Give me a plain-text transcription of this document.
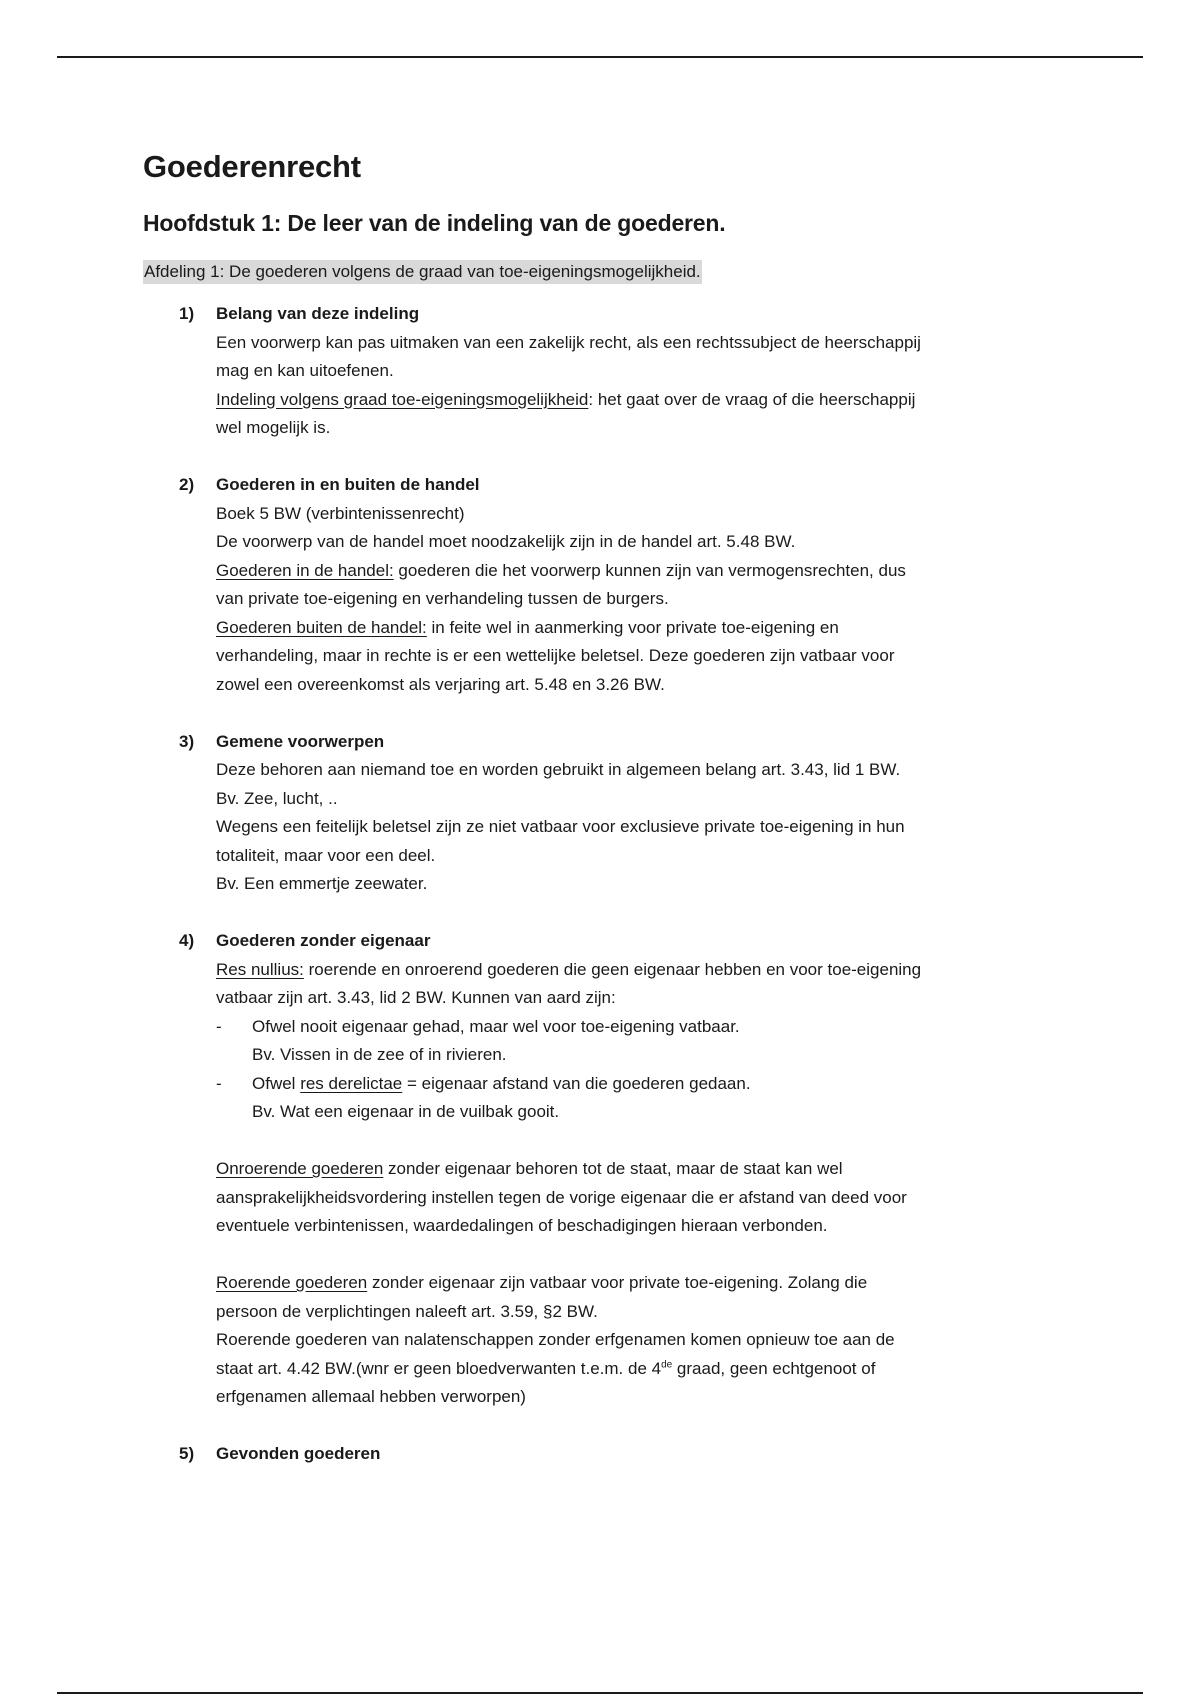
Goederenrecht
Hoofdstuk 1: De leer van de indeling van de goederen.
Afdeling 1: De goederen volgens de graad van toe-eigeningsmogelijkheid.
1) Belang van deze indeling
Een voorwerp kan pas uitmaken van een zakelijk recht, als een rechtssubject de heerschappij
mag en kan uitoefenen.
Indeling volgens graad toe-eigeningsmogelijkheid: het gaat over de vraag of die heerschappij
wel mogelijk is.
2) Goederen in en buiten de handel
Boek 5 BW (verbintenissenrecht)
De voorwerp van de handel moet noodzakelijk zijn in de handel art. 5.48 BW.
Goederen in de handel: goederen die het voorwerp kunnen zijn van vermogensrechten, dus
van private toe-eigening en verhandeling tussen de burgers.
Goederen buiten de handel: in feite wel in aanmerking voor private toe-eigening en
verhandeling, maar in rechte is er een wettelijke beletsel. Deze goederen zijn vatbaar voor
zowel een overeenkomst als verjaring art. 5.48 en 3.26 BW.
3) Gemene voorwerpen
Deze behoren aan niemand toe en worden gebruikt in algemeen belang art. 3.43, lid 1 BW.
Bv. Zee, lucht, ..
Wegens een feitelijk beletsel zijn ze niet vatbaar voor exclusieve private toe-eigening in hun
totaliteit, maar voor een deel.
Bv. Een emmertje zeewater.
4) Goederen zonder eigenaar
Res nullius: roerende en onroerend goederen die geen eigenaar hebben en voor toe-eigening
vatbaar zijn art. 3.43, lid 2 BW. Kunnen van aard zijn:
- Ofwel nooit eigenaar gehad, maar wel voor toe-eigening vatbaar.
Bv. Vissen in de zee of in rivieren.
- Ofwel res derelictae = eigenaar afstand van die goederen gedaan.
Bv. Wat een eigenaar in de vuilbak gooit.
Onroerende goederen zonder eigenaar behoren tot de staat, maar de staat kan wel
aansprakelijkheidsvordering instellen tegen de vorige eigenaar die er afstand van deed voor
eventuele verbintenissen, waardedalingen of beschadigingen hieraan verbonden.
Roerende goederen zonder eigenaar zijn vatbaar voor private toe-eigening. Zolang die
persoon de verplichtingen naleeft art. 3.59, §2 BW.
Roerende goederen van nalatenschappen zonder erfgenamen komen opnieuw toe aan de
staat art. 4.42 BW.(wnr er geen bloedverwanten t.e.m. de 4de graad, geen echtgenoot of
erfgenamen allemaal hebben verworpen)
5) Gevonden goederen
